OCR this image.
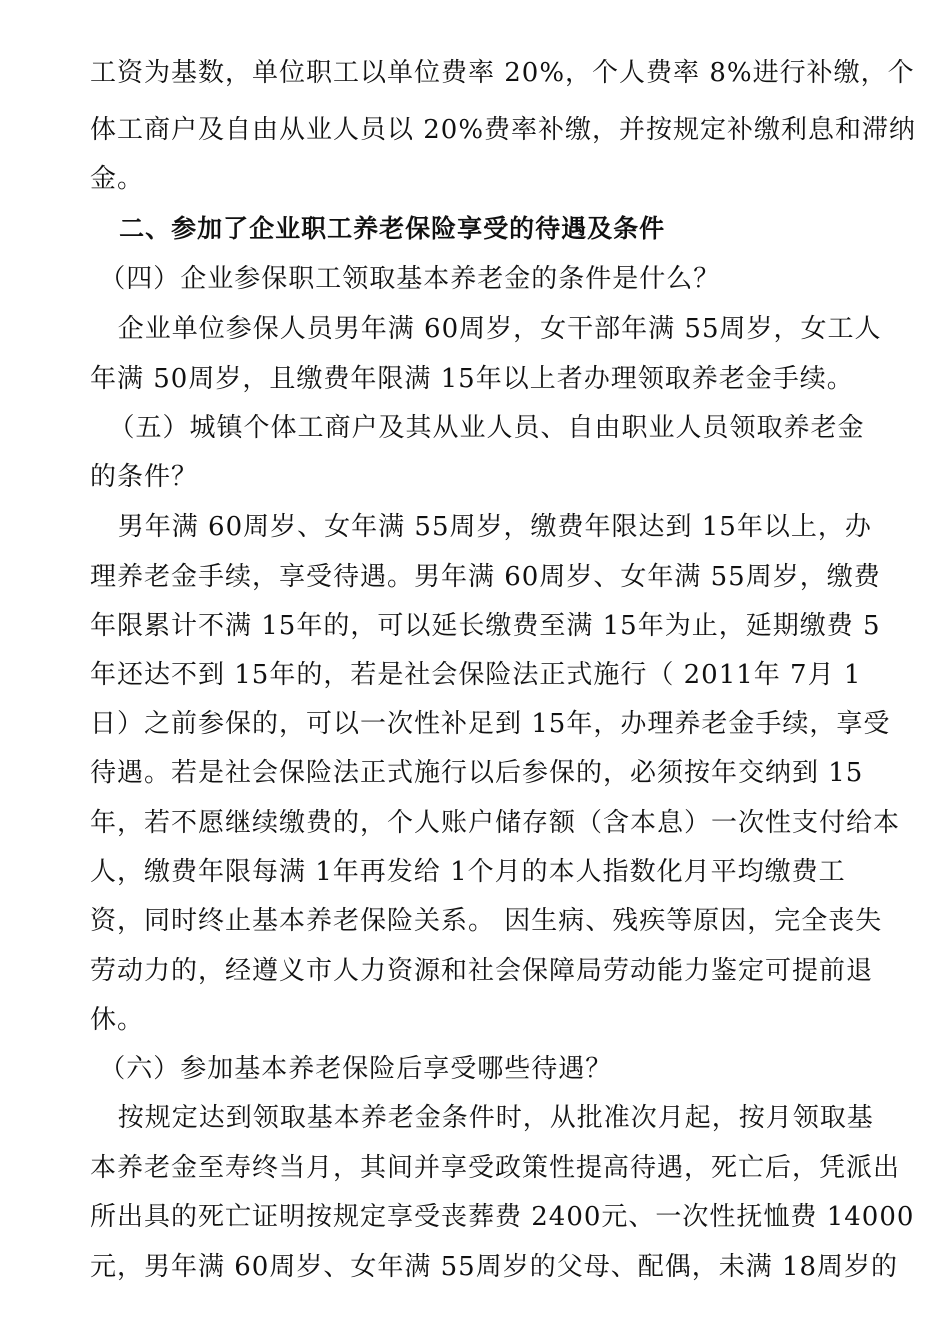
工资为基数，单位职工以单位费率 20%，个人费率 8%进行补缴，个
体工商户及自由从业人员以 20%费率补缴，并按规定补缴利息和滞纳
金。
二、参加了企业职工养老保险享受的待遇及条件
（四）企业参保职工领取基本养老金的条件是什么？
企业单位参保人员男年满 60周岁，女干部年满 55周岁，女工人
年满 50周岁，且缴费年限满 15年以上者办理领取养老金手续。
（五）城镇个体工商户及其从业人员、自由职业人员领取养老金
的条件？
男年满 60周岁、女年满 55周岁，缴费年限达到 15年以上，办
理养老金手续，享受待遇。男年满 60周岁、女年满 55周岁，缴费
年限累计不满 15年的，可以延长缴费至满 15年为止，延期缴费 5
年还达不到 15年的，若是社会保险法正式施行（ 2011年 7月 1
日）之前参保的，可以一次性补足到 15年，办理养老金手续，享受
待遇。若是社会保险法正式施行以后参保的，必须按年交纳到 15
年，若不愿继续缴费的，个人账户储存额（含本息）一次性支付给本
人，缴费年限每满 1年再发给 1个月的本人指数化月平均缴费工
资，同时终止基本养老保险关系。 因生病、残疾等原因，完全丧失
劳动力的，经遵义市人力资源和社会保障局劳动能力鉴定可提前退
休。
（六）参加基本养老保险后享受哪些待遇？
按规定达到领取基本养老金条件时，从批准次月起，按月领取基
本养老金至寿终当月，其间并享受政策性提高待遇，死亡后，凭派出
所出具的死亡证明按规定享受丧葬费 2400元、一次性抚恤费 14000
元，男年满 60周岁、女年满 55周岁的父母、配偶，未满 18周岁的
